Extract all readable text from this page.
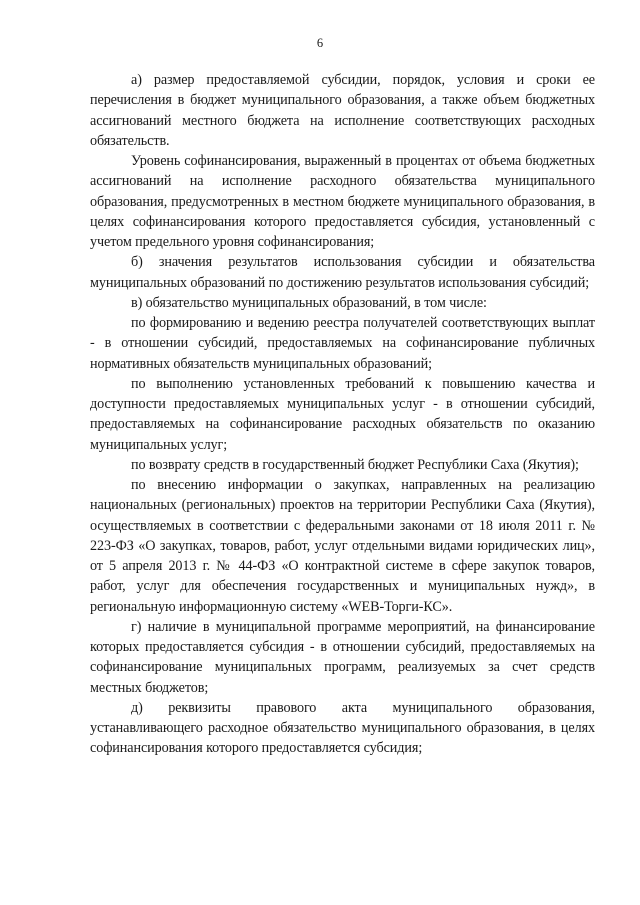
6

а) размер предоставляемой субсидии, порядок, условия и сроки ее перечисления в бюджет муниципального образования, а также объем бюджетных ассигнований местного бюджета на исполнение соответствующих расходных обязательств.

Уровень софинансирования, выраженный в процентах от объема бюджетных ассигнований на исполнение расходного обязательства муниципального образования, предусмотренных в местном бюджете муниципального образования, в целях софинансирования которого предоставляется субсидия, установленный с учетом предельного уровня софинансирования;

б) значения результатов использования субсидии и обязательства муниципальных образований по достижению результатов использования субсидий;

в) обязательство муниципальных образований, в том числе:

по формированию и ведению реестра получателей соответствующих выплат - в отношении субсидий, предоставляемых на софинансирование публичных нормативных обязательств муниципальных образований;

по выполнению установленных требований к повышению качества и доступности предоставляемых муниципальных услуг - в отношении субсидий, предоставляемых на софинансирование расходных обязательств по оказанию муниципальных услуг;

по возврату средств в государственный бюджет Республики Саха (Якутия);

по внесению информации о закупках, направленных на реализацию национальных (региональных) проектов на территории Республики Саха (Якутия), осуществляемых в соответствии с федеральными законами от 18 июля 2011 г. № 223-ФЗ «О закупках, товаров, работ, услуг отдельными видами юридических лиц», от 5 апреля 2013 г. № 44-ФЗ «О контрактной системе в сфере закупок товаров, работ, услуг для обеспечения государственных и муниципальных нужд», в региональную информационную систему «WEB-Торги-КС».

г) наличие в муниципальной программе мероприятий, на финансирование которых предоставляется субсидия - в отношении субсидий, предоставляемых на софинансирование муниципальных программ, реализуемых за счет средств местных бюджетов;

д) реквизиты правового акта муниципального образования, устанавливающего расходное обязательство муниципального образования, в целях софинансирования которого предоставляется субсидия;
